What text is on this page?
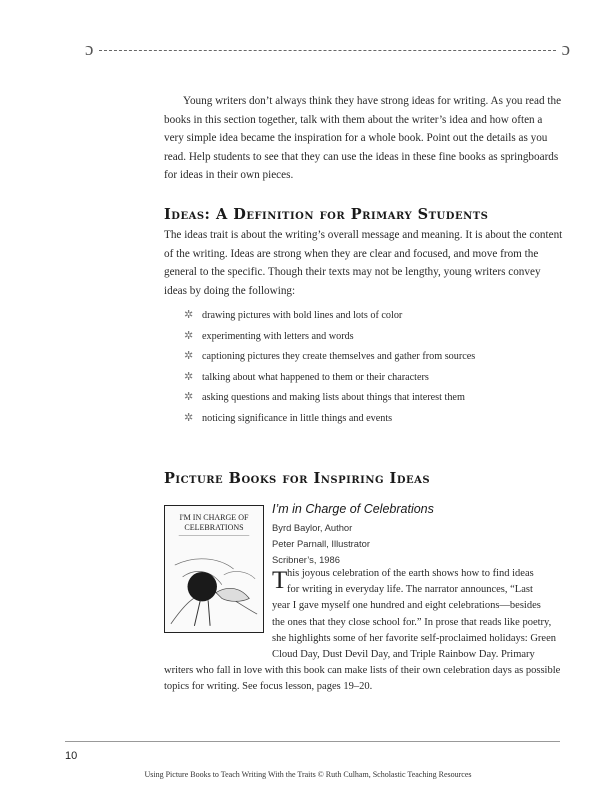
ɔ	ɔ

Young writers don’t always think they have strong ideas for writing. As you read the books in this section together, talk with them about the writer’s idea and how often a very simple idea became the inspiration for a whole book. Point out the details as you read. Help students to see that they can use the ideas in these fine books as springboards for ideas in their own pieces.

Ideas: A Definition for Primary Students

The ideas trait is about the writing’s overall message and meaning. It is about the content of the writing. Ideas are strong when they are clear and focused, and move from the general to the specific. Though their texts may not be lengthy, young writers convey ideas by doing the following:

✲ drawing pictures with bold lines and lots of color
✲ experimenting with letters and words
✲ captioning pictures they create themselves and gather from sources
✲ talking about what happened to them or their characters
✲ asking questions and making lists about things that interest them
✲ noticing significance in little things and events
Picture Books for Inspiring Ideas
I'M IN CHARGE OF
CELEBRATIONS

I’m in Charge of Celebrations

Byrd Baylor, Author
Peter Parnall, Illustrator
Scribner’s, 1986
T his joyous celebration of the earth shows how to find ideas
for writing in everyday life. The narrator announces, “Last
year I gave myself one hundred and eight celebrations—besides
the ones that they close school for.” In prose that reads like poetry,
she highlights some of her favorite self-proclaimed holidays: Green
Cloud Day, Dust Devil Day, and Triple Rainbow Day. Primary
writers who fall in love with this book can make lists of their own celebration days as possible
topics for writing. See focus lesson, pages 19–20.
10
Using Picture Books to Teach Writing With the Traits © Ruth Culham, Scholastic Teaching Resources
